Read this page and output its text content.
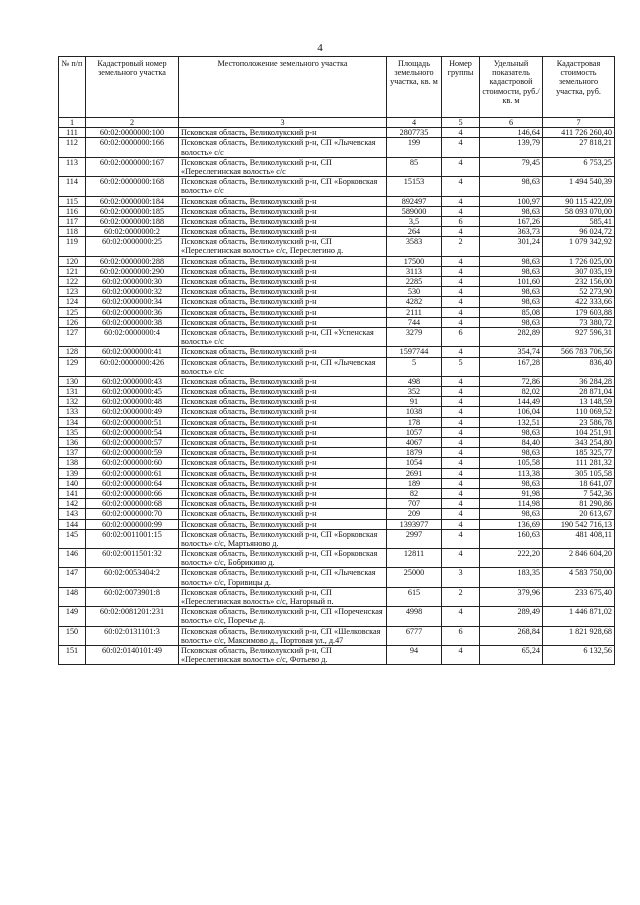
4
№ п/п	Кадастровый номер земельного участка	Местоположение земельного участка	Площадь земельного участка, кв. м	Номер группы	Удельный показатель кадастровой стоимости, руб./кв. м	Кадастровая стоимость земельного участка, руб.
1	2	3	4	5	6	7
111	60:02:0000000:100	Псковская область, Великолукский р-н	2807735	4	146,64	411 726 260,40
112	60:02:0000000:166	Псковская область, Великолукский р-н, СП «Лычевская волость» с/с	199	4	139,79	27 818,21
113	60:02:0000000:167	Псковская область, Великолукский р-н, СП «Переслегинская волость» с/с	85	4	79,45	6 753,25
114	60:02:0000000:168	Псковская область, Великолукский р-н, СП «Борковская волость» с/с	15153	4	98,63	1 494 540,39
115	60:02:0000000:184	Псковская область, Великолукский р-н	892497	4	100,97	90 115 422,09
116	60:02:0000000:185	Псковская область, Великолукский р-н	589000	4	98,63	58 093 070,00
117	60:02:0000000:188	Псковская область, Великолукский р-н	3,5	6	167,26	585,41
118	60:02:0000000:2	Псковская область, Великолукский р-н	264	4	363,73	96 024,72
119	60:02:0000000:25	Псковская область, Великолукский р-н, СП «Переслегинская волость» с/с, Переслегино д.	3583	2	301,24	1 079 342,92
120	60:02:0000000:288	Псковская область, Великолукский р-н	17500	4	98,63	1 726 025,00
121	60:02:0000000:290	Псковская область, Великолукский р-н	3113	4	98,63	307 035,19
122	60:02:0000000:30	Псковская область, Великолукский р-н	2285	4	101,60	232 156,00
123	60:02:0000000:32	Псковская область, Великолукский р-н	530	4	98,63	52 273,90
124	60:02:0000000:34	Псковская область, Великолукский р-н	4282	4	98,63	422 333,66
125	60:02:0000000:36	Псковская область, Великолукский р-н	2111	4	85,08	179 603,88
126	60:02:0000000:38	Псковская область, Великолукский р-н	744	4	98,63	73 380,72
127	60:02:0000000:4	Псковская область, Великолукский р-н, СП «Успенская волость» с/с	3279	6	282,89	927 596,31
128	60:02:0000000:41	Псковская область, Великолукский р-н	1597744	4	354,74	566 783 706,56
129	60:02:0000000:426	Псковская область, Великолукский р-н, СП «Лычевская волость» с/с	5	5	167,28	836,40
130	60:02:0000000:43	Псковская область, Великолукский р-н	498	4	72,86	36 284,28
131	60:02:0000000:45	Псковская область, Великолукский р-н	352	4	82,02	28 871,04
132	60:02:0000000:48	Псковская область, Великолукский р-н	91	4	144,49	13 148,59
133	60:02:0000000:49	Псковская область, Великолукский р-н	1038	4	106,04	110 069,52
134	60:02:0000000:51	Псковская область, Великолукский р-н	178	4	132,51	23 586,78
135	60:02:0000000:54	Псковская область, Великолукский р-н	1057	4	98,63	104 251,91
136	60:02:0000000:57	Псковская область, Великолукский р-н	4067	4	84,40	343 254,80
137	60:02:0000000:59	Псковская область, Великолукский р-н	1879	4	98,63	185 325,77
138	60:02:0000000:60	Псковская область, Великолукский р-н	1054	4	105,58	111 281,32
139	60:02:0000000:61	Псковская область, Великолукский р-н	2691	4	113,38	305 105,58
140	60:02:0000000:64	Псковская область, Великолукский р-н	189	4	98,63	18 641,07
141	60:02:0000000:66	Псковская область, Великолукский р-н	82	4	91,98	7 542,36
142	60:02:0000000:68	Псковская область, Великолукский р-н	707	4	114,98	81 290,86
143	60:02:0000000:70	Псковская область, Великолукский р-н	209	4	98,63	20 613,67
144	60:02:0000000:99	Псковская область, Великолукский р-н	1393977	4	136,69	190 542 716,13
145	60:02:0011001:15	Псковская область, Великолукский р-н, СП «Борковская волость» с/с, Мартьяново д.	2997	4	160,63	481 408,11
146	60:02:0011501:32	Псковская область, Великолукский р-н, СП «Борковская волость» с/с, Бобрикино д.	12811	4	222,20	2 846 604,20
147	60:02:0053404:2	Псковская область, Великолукский р-н, СП «Лычевская волость» с/с, Горивицы д.	25000	3	183,35	4 583 750,00
148	60:02:0073901:8	Псковская область, Великолукский р-н, СП «Переслегинская волость» с/с, Нагорный п.	615	2	379,96	233 675,40
149	60:02:0081201:231	Псковская область, Великолукский р-н, СП «Пореченская волость» с/с, Поречье д.	4998	4	289,49	1 446 871,02
150	60:02:0131101:3	Псковская область, Великолукский р-н, СП «Шелковская волость» с/с, Максимово д., Портовая ул., д.47	6777	6	268,84	1 821 928,68
151	60:02:0140101:49	Псковская область, Великолукский р-н, СП «Переслегинская волость» с/с, Фотьево д.	94	4	65,24	6 132,56
